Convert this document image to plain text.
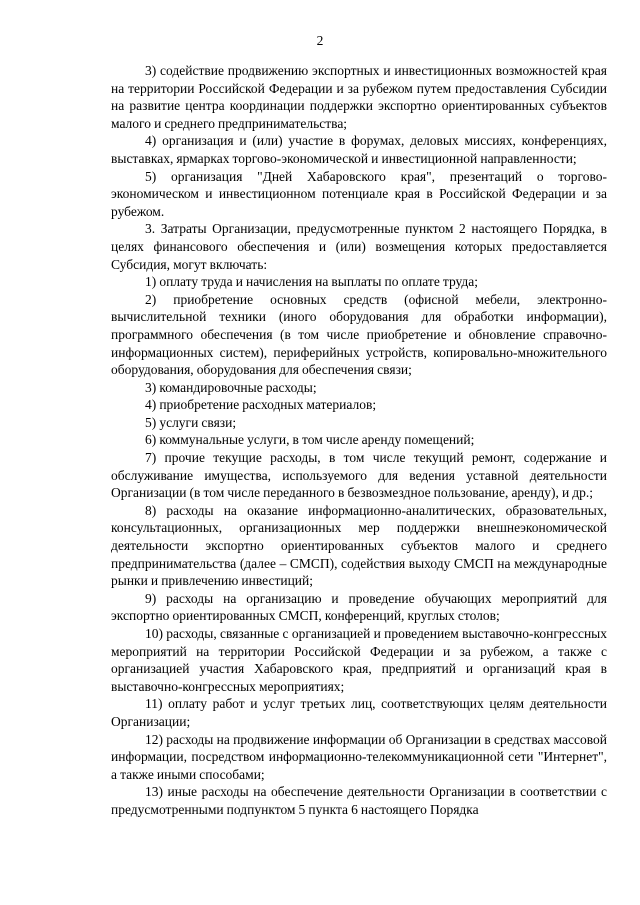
2

3) содействие продвижению экспортных и инвестиционных возможностей края на территории Российской Федерации и за рубежом путем предоставления Субсидии на развитие центра координации поддержки экспортно ориентированных субъектов малого и среднего предпринимательства;

4) организация и (или) участие в форумах, деловых миссиях, конференциях, выставках, ярмарках торгово-экономической и инвестиционной направленности;

5) организация "Дней Хабаровского края", презентаций о торгово-экономическом и инвестиционном потенциале края в Российской Федерации и за рубежом.

3. Затраты Организации, предусмотренные пунктом 2 настоящего Порядка, в целях финансового обеспечения и (или) возмещения которых предоставляется Субсидия, могут включать:

1) оплату труда и начисления на выплаты по оплате труда;

2) приобретение основных средств (офисной мебели, электронно-вычислительной техники (иного оборудования для обработки информации), программного обеспечения (в том числе приобретение и обновление справочно-информационных систем), периферийных устройств, копировально-множительного оборудования, оборудования для обеспечения связи;

3) командировочные расходы;

4) приобретение расходных материалов;

5) услуги связи;

6) коммунальные услуги, в том числе аренду помещений;

7) прочие текущие расходы, в том числе текущий ремонт, содержание и обслуживание имущества, используемого для ведения уставной деятельности Организации (в том числе переданного в безвозмездное пользование, аренду), и др.;

8) расходы на оказание информационно-аналитических, образовательных, консультационных, организационных мер поддержки внешнеэкономической деятельности экспортно ориентированных субъектов малого и среднего предпринимательства (далее – СМСП), содействия выходу СМСП на международные рынки и привлечению инвестиций;

9) расходы на организацию и проведение обучающих мероприятий для экспортно ориентированных СМСП, конференций, круглых столов;

10) расходы, связанные с организацией и проведением выставочно-конгрессных мероприятий на территории Российской Федерации и за рубежом, а также с организацией участия Хабаровского края, предприятий и организаций края в выставочно-конгрессных мероприятиях;

11) оплату работ и услуг третьих лиц, соответствующих целям деятельности Организации;

12) расходы на продвижение информации об Организации в средствах массовой информации, посредством информационно-телекоммуникационной сети "Интернет", а также иными способами;

13) иные расходы на обеспечение деятельности Организации в соответствии с предусмотренными подпунктом 5 пункта 6 настоящего Порядка
